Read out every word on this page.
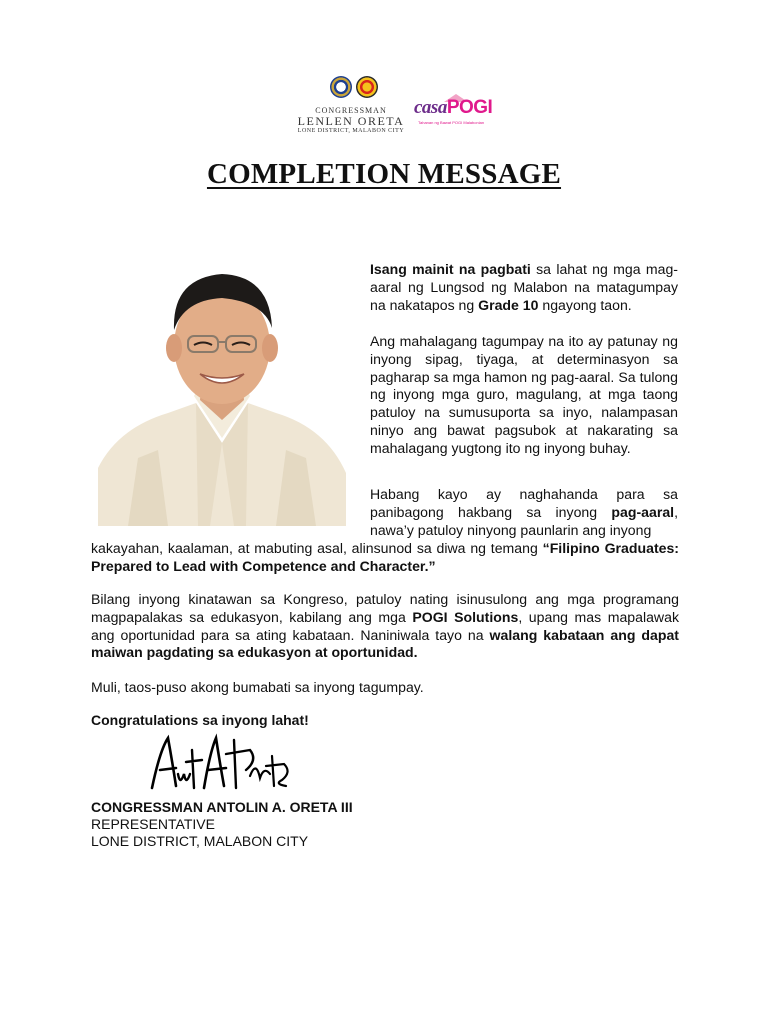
CONGRESSMAN
LENLEN ORETA
LONE DISTRICT, MALABON CITY
casaPOGI
Tahanan ng Bawat POGI Malabonian
COMPLETION MESSAGE

Isang mainit na pagbati sa lahat ng mga mag-aaral ng Lungsod ng Malabon na matagumpay na nakatapos ng Grade 10 ngayong taon.

Ang mahalagang tagumpay na ito ay patunay ng inyong sipag, tiyaga, at determinasyon sa pagharap sa mga hamon ng pag-aaral. Sa tulong ng inyong mga guro, magulang, at mga taong patuloy na sumusuporta sa inyo, nalampasan ninyo ang bawat pagsubok at nakarating sa mahalagang yugtong ito ng inyong buhay.

Habang kayo ay naghahanda para sa panibagong hakbang sa inyong pag-aaral, nawa’y patuloy ninyong paunlarin ang inyong

kakayahan, kaalaman, at mabuting asal, alinsunod sa diwa ng temang “Filipino Graduates: Prepared to Lead with Competence and Character.”

Bilang inyong kinatawan sa Kongreso, patuloy nating isinusulong ang mga programang magpapalakas sa edukasyon, kabilang ang mga POGI Solutions, upang mas mapalawak ang oportunidad para sa ating kabataan. Naniniwala tayo na walang kabataan ang dapat maiwan pagdating sa edukasyon at oportunidad.

Muli, taos-puso akong bumabati sa inyong tagumpay.

Congratulations sa inyong lahat!
CONGRESSMAN ANTOLIN A. ORETA III
REPRESENTATIVE
LONE DISTRICT, MALABON CITY
